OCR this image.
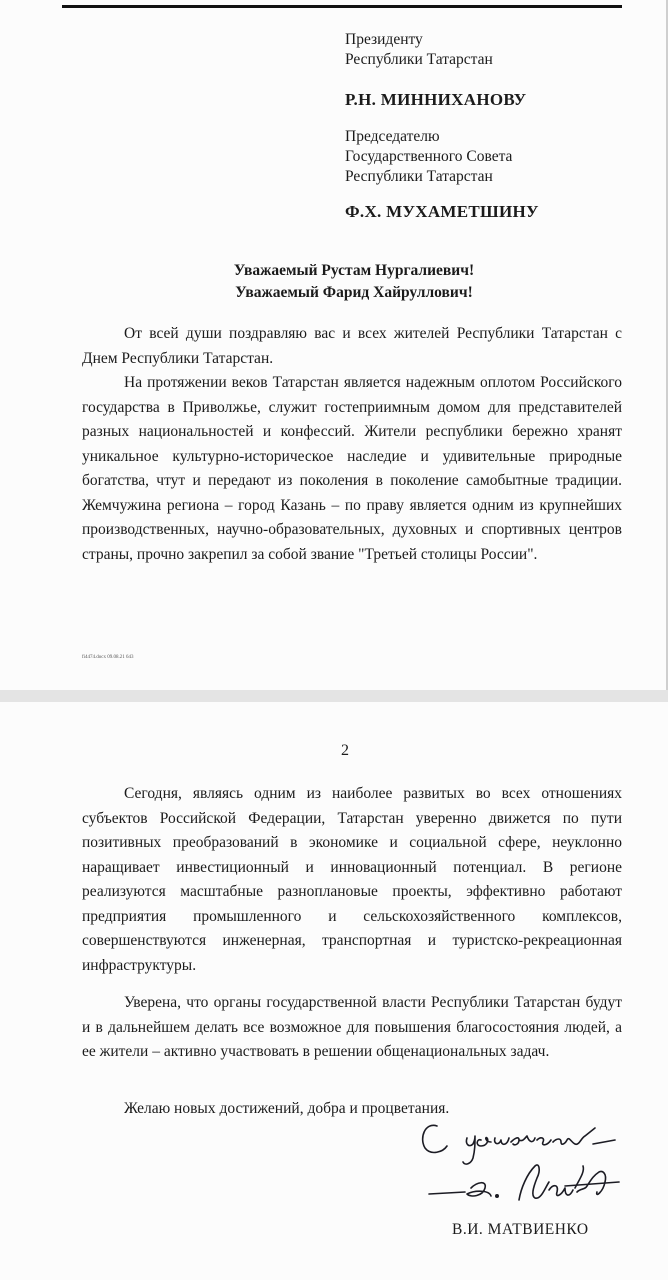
Президенту
Республики Татарстан
Р.Н. МИННИХАНОВУ
Председателю
Государственного Совета
Республики Татарстан
Ф.Х. МУХАМЕТШИНУ
Уважаемый Рустам Нургалиевич!
Уважаемый Фарид Хайруллович!
От всей души поздравляю вас и всех жителей Республики Татарстан с Днем Республики Татарстан.
На протяжении веков Татарстан является надежным оплотом Российского государства в Приволжье, служит гостеприимным домом для представителей разных национальностей и конфессий. Жители республики бережно хранят уникальное культурно-историческое наследие и удивительные природные богатства, чтут и передают из поколения в поколение самобытные традиции. Жемчужина региона – город Казань – по праву является одним из крупнейших производственных, научно-образовательных, духовных и спортивных центров страны, прочно закрепил за собой звание "Третьей столицы России".
fi4474.docx 09.08.21 643
2
Сегодня, являясь одним из наиболее развитых во всех отношениях субъектов Российской Федерации, Татарстан уверенно движется по пути позитивных преобразований в экономике и социальной сфере, неуклонно наращивает инвестиционный и инновационный потенциал. В регионе реализуются масштабные разноплановые проекты, эффективно работают предприятия промышленного и сельскохозяйственного комплексов, совершенствуются инженерная, транспортная и туристско-рекреационная инфраструктуры.
Уверена, что органы государственной власти Республики Татарстан будут и в дальнейшем делать все возможное для повышения благосостояния людей, а ее жители – активно участвовать в решении общенациональных задач.
Желаю новых достижений, добра и процветания.
В.И. МАТВИЕНКО
